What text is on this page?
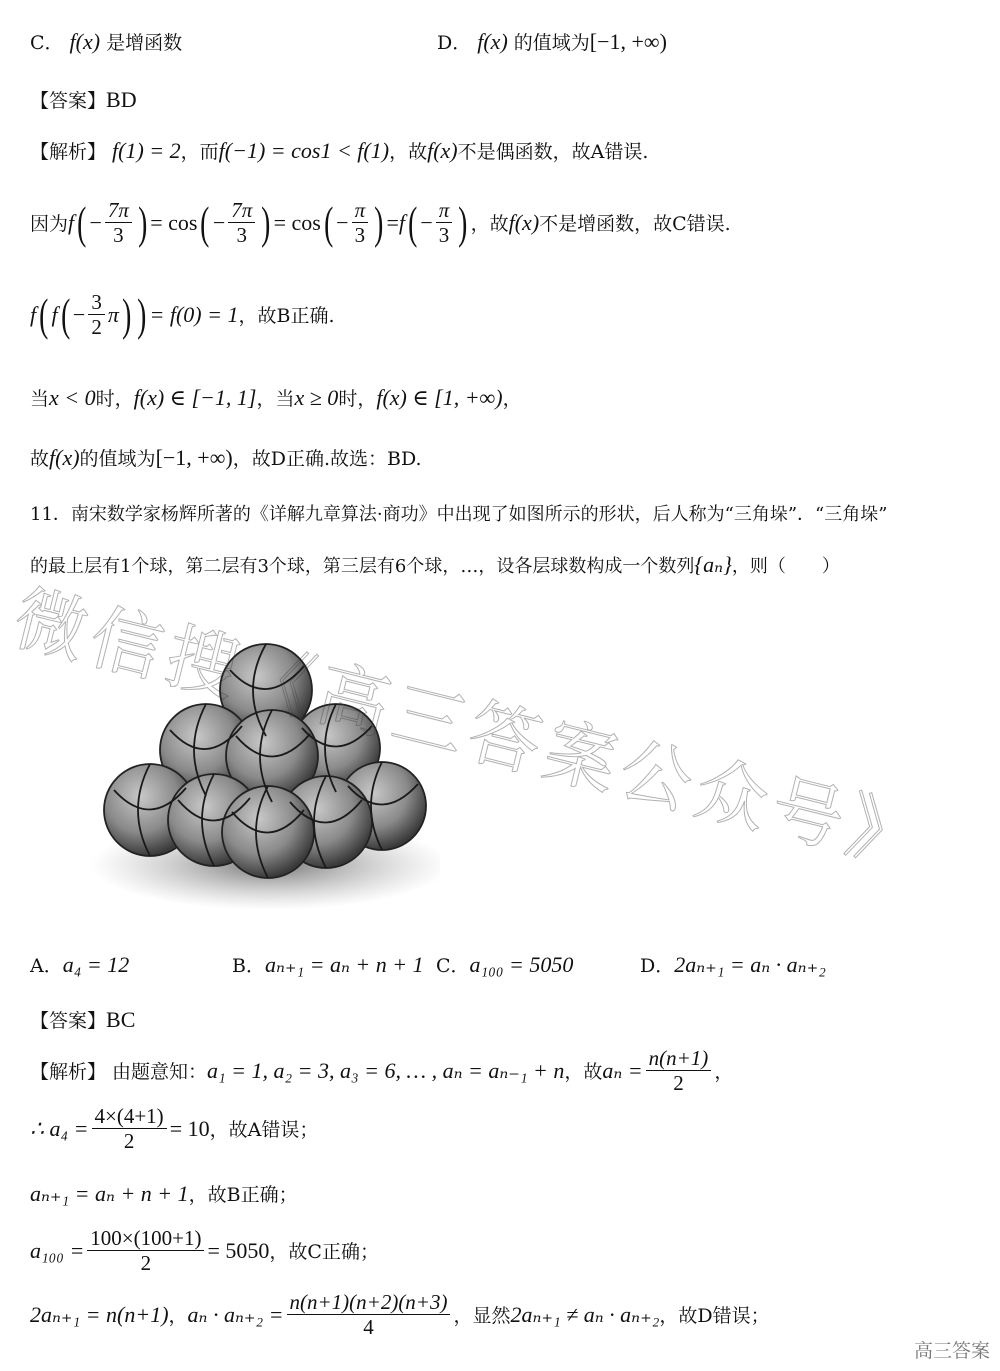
C． f(x) 是增函数	D． f(x) 的值域为 [−1, +∞)
【答案】 BD
【解析】 f(1) = 2 ，而 f(−1) = cos1 < f(1) ，故 f(x) 不是偶函数，故A错误.
因为 f ( − $\frac{7\pi}{3}$ ) = cos ( − $\frac{7\pi}{3}$ ) = cos ( − $\frac{\pi}{3}$ ) = f ( − $\frac{\pi}{3}$ ) ，故 f(x) 不是增函数，故C错误.
f ( f ( − $\frac{3}{2}$ π ) ) = f(0) = 1 ，故B正确.
当 x < 0 时， f(x) ∈ [−1, 1] ，当 x ≥ 0 时， f(x) ∈ [1, +∞) ，
故 f(x) 的值域为 [−1, +∞) ，故D正确.故选：BD.
11．南宋数学家杨辉所著的《详解九章算法·商功》中出现了如图所示的形状，后人称为“三角垛”．“三角垛”
的最上层有1个球，第二层有3个球，第三层有6个球，…，设各层球数构成一个数列 {aₙ} ，则（　　）
微信搜《高三答案公众号》
A． a₄ = 12	B． aₙ₊₁ = aₙ + n + 1 C． a₁₀₀ = 5050	D． 2aₙ₊₁ = aₙ · aₙ₊₂
【答案】 BC
【解析】 由题意知： a₁ = 1, a₂ = 3, a₃ = 6, … , aₙ = aₙ₋₁ + n ，故 $a_n = \frac{n(n+1)}{2}$ ，
∴ $a_4 = \frac{4\times(4+1)}{2} = 10$ ，故A错误；
aₙ₊₁ = aₙ + n + 1 ，故B正确；
$a_{100} = \frac{100\times(100+1)}{2} = 5050$ ，故C正确；
2aₙ₊₁ = n(n+1) ， $a_n \cdot a_{n+2} = \frac{n(n+1)(n+2)(n+3)}{4}$ ，显然 2aₙ₊₁ ≠ aₙ · aₙ₊₂ ，故D错误；
高三答案
